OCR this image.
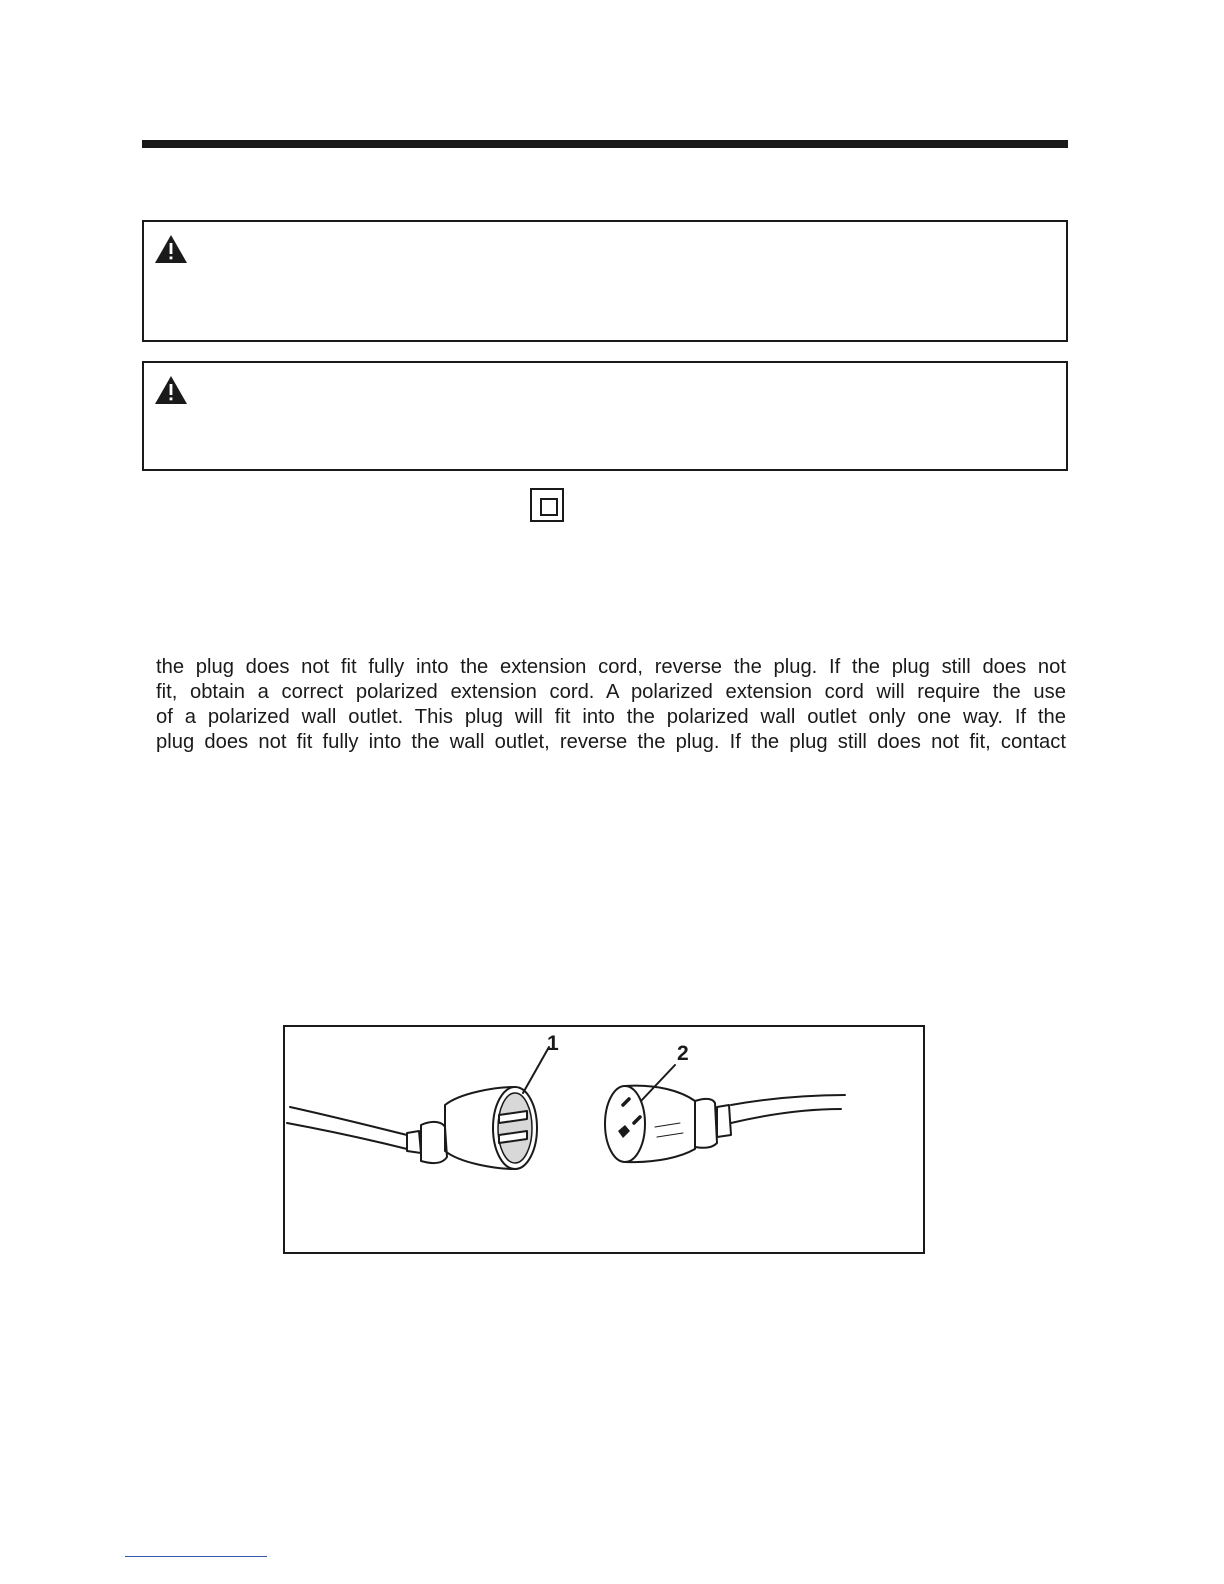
the plug does not fit fully into the extension cord, reverse the plug. If the plug still does not
fit, obtain a correct polarized extension cord. A polarized extension cord will require the use
of a polarized wall outlet. This plug will fit into the polarized wall outlet only one way. If the
plug does not fit fully into the wall outlet, reverse the plug. If the plug still does not fit, contact

1	2
